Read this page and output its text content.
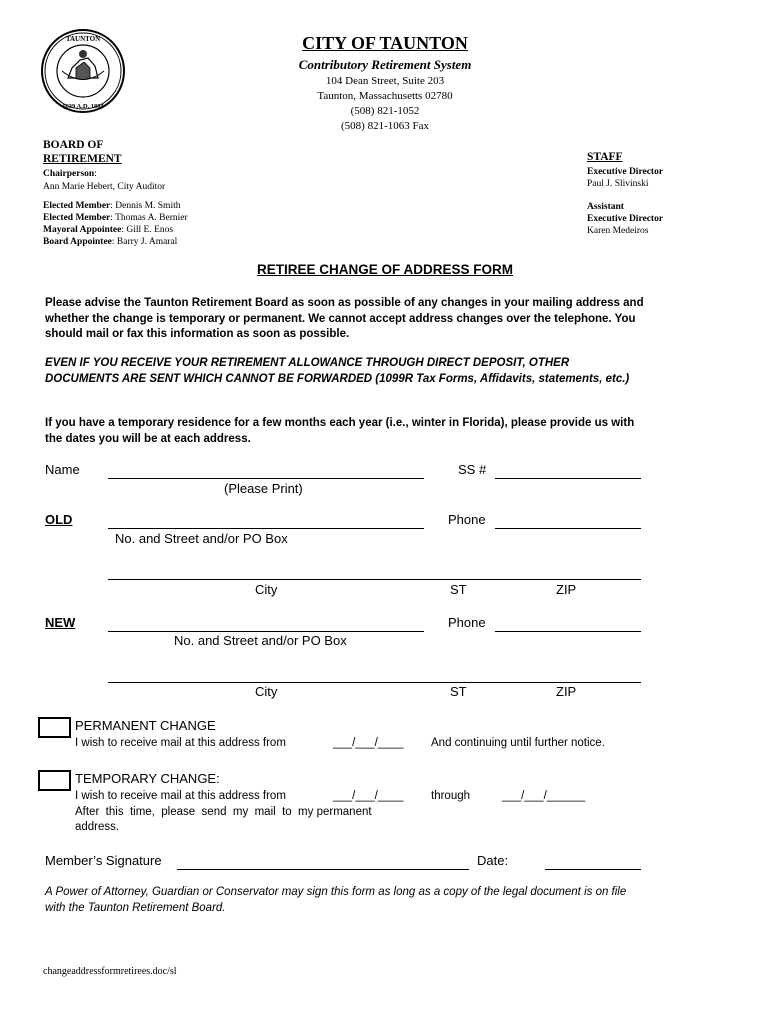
TAUNTON
1639 A.D. 1864
CITY OF TAUNTON
Contributory Retirement System
104 Dean Street, Suite 203
Taunton, Massachusetts 02780
(508) 821-1052
(508) 821-1063 Fax
BOARD OF
RETIREMENT
Chairperson:
Ann Marie Hebert, City Auditor
Elected Member: Dennis M. Smith
Elected Member: Thomas A. Bernier
Mayoral Appointee: Gill E. Enos
Board Appointee: Barry J. Amaral
STAFF
Executive Director
Paul J. Slivinski
Assistant
Executive Director
Karen Medeiros
RETIREE CHANGE OF ADDRESS FORM
Please advise the Taunton Retirement Board as soon as possible of any changes in your mailing address and whether the change is temporary or permanent. We cannot accept address changes over the telephone. You should mail or fax this information as soon as possible.
EVEN IF YOU RECEIVE YOUR RETIREMENT ALLOWANCE THROUGH DIRECT DEPOSIT, OTHER DOCUMENTS ARE SENT WHICH CANNOT BE FORWARDED (1099R Tax Forms, Affidavits, statements, etc.)
If you have a temporary residence for a few months each year (i.e., winter in Florida), please provide us with the dates you will be at each address.
Name
(Please Print)
SS #
OLD
No. and Street and/or PO Box
Phone
City	ST	ZIP
NEW
No. and Street and/or PO Box
Phone
City	ST	ZIP
PERMANENT CHANGE
I wish to receive mail at this address from	___/___/____ And continuing until further notice.
TEMPORARY CHANGE:
I wish to receive mail at this address from	___/___/____ through	___/___/______
After  this  time,  please  send  my  mail  to  my permanent
address.
Member’s Signature	Date:
A Power of Attorney, Guardian or Conservator may sign this form as long as a copy of the legal document is on file with the Taunton Retirement Board.
changeaddressformretirees.doc/sl
